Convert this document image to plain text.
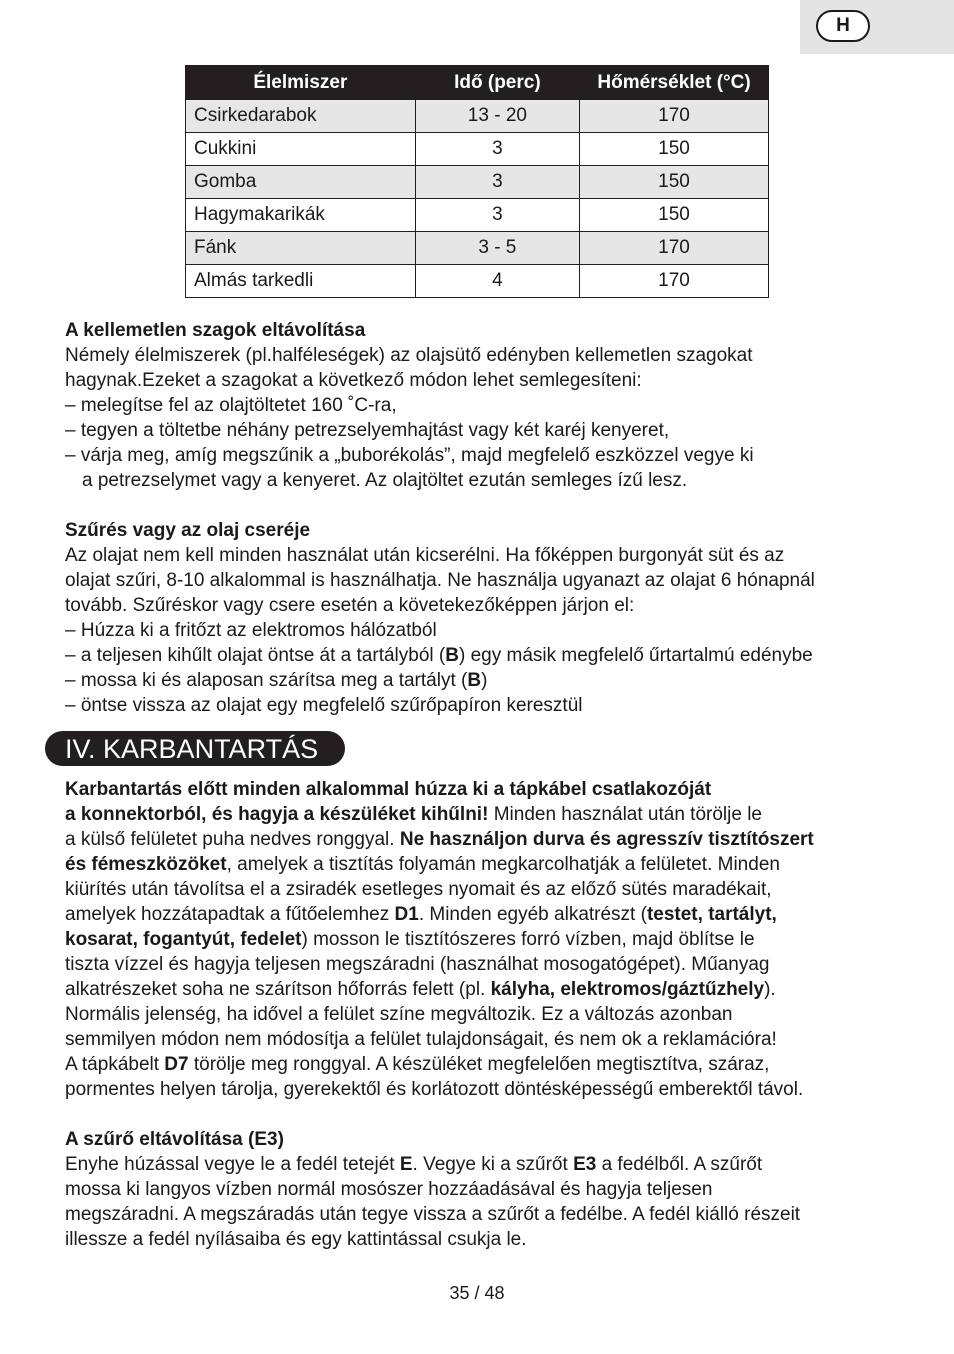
H
Élelmiszer	Idő (perc)	Hőmérséklet (°C)
Csirkedarabok	13 - 20	170
Cukkini	3	150
Gomba	3	150
Hagymakarikák	3	150
Fánk	3 - 5	170
Almás tarkedli	4	170

A kellemetlen szagok eltávolítása

Némely élelmiszerek (pl.halféleségek) az olajsütő edényben kellemetlen szagokat

hagynak.Ezeket a szagokat a következő módon lehet semlegesíteni:

– melegítse fel az olajtöltetet 160 ˚C-ra,

– tegyen a töltetbe néhány petrezselyemhajtást vagy két karéj kenyeret,

– várja meg, amíg megszűnik a „buborékolás”, majd megfelelő eszközzel vegye ki

a petrezselymet vagy a kenyeret. Az olajtöltet ezután semleges ízű lesz.

Szűrés vagy az olaj cseréje

Az olajat nem kell minden használat után kicserélni. Ha főképpen burgonyát süt és az

olajat szűri, 8-10 alkalommal is használhatja. Ne használja ugyanazt az olajat 6 hónapnál

tovább. Szűréskor vagy csere esetén a követekezőképpen járjon el:

– Húzza ki a fritőzt az elektromos hálózatból

– a teljesen kihűlt olajat öntse át a tartályból (B) egy másik megfelelő űrtartalmú edénybe

– mossa ki és alaposan szárítsa meg a tartályt (B)

– öntse vissza az olajat egy megfelelő szűrőpapíron keresztül

IV. KARBANTARTÁS

Karbantartás előtt minden alkalommal húzza ki a tápkábel csatlakozóját

a konnektorból, és hagyja a készüléket kihűlni! Minden használat után törölje le

a külső felületet puha nedves ronggyal. Ne használjon durva és agresszív tisztítószert

és fémeszközöket, amelyek a tisztítás folyamán megkarcolhatják a felületet. Minden

kiürítés után távolítsa el a zsiradék esetleges nyomait és az előző sütés maradékait,

amelyek hozzátapadtak a fűtőelemhez D1. Minden egyéb alkatrészt (testet, tartályt,

kosarat, fogantyút, fedelet) mosson le tisztítószeres forró vízben, majd öblítse le

tiszta vízzel és hagyja teljesen megszáradni (használhat mosogatógépet). Műanyag

alkatrészeket soha ne szárítson hőforrás felett (pl. kályha, elektromos/gáztűzhely).

Normális jelenség, ha idővel a felület színe megváltozik. Ez a változás azonban

semmilyen módon nem módosítja a felület tulajdonságait, és nem ok a reklamációra!

A tápkábelt D7 törölje meg ronggyal. A készüléket megfelelően megtisztítva, száraz,

pormentes helyen tárolja, gyerekektől és korlátozott döntésképességű emberektől távol.

A szűrő eltávolítása (E3)

Enyhe húzással vegye le a fedél tetejét E. Vegye ki a szűrőt E3 a fedélből. A szűrőt

mossa ki langyos vízben normál mosószer hozzáadásával és hagyja teljesen

megszáradni. A megszáradás után tegye vissza a szűrőt a fedélbe. A fedél kiálló részeit

illessze a fedél nyílásaiba és egy kattintással csukja le.

35 / 48
